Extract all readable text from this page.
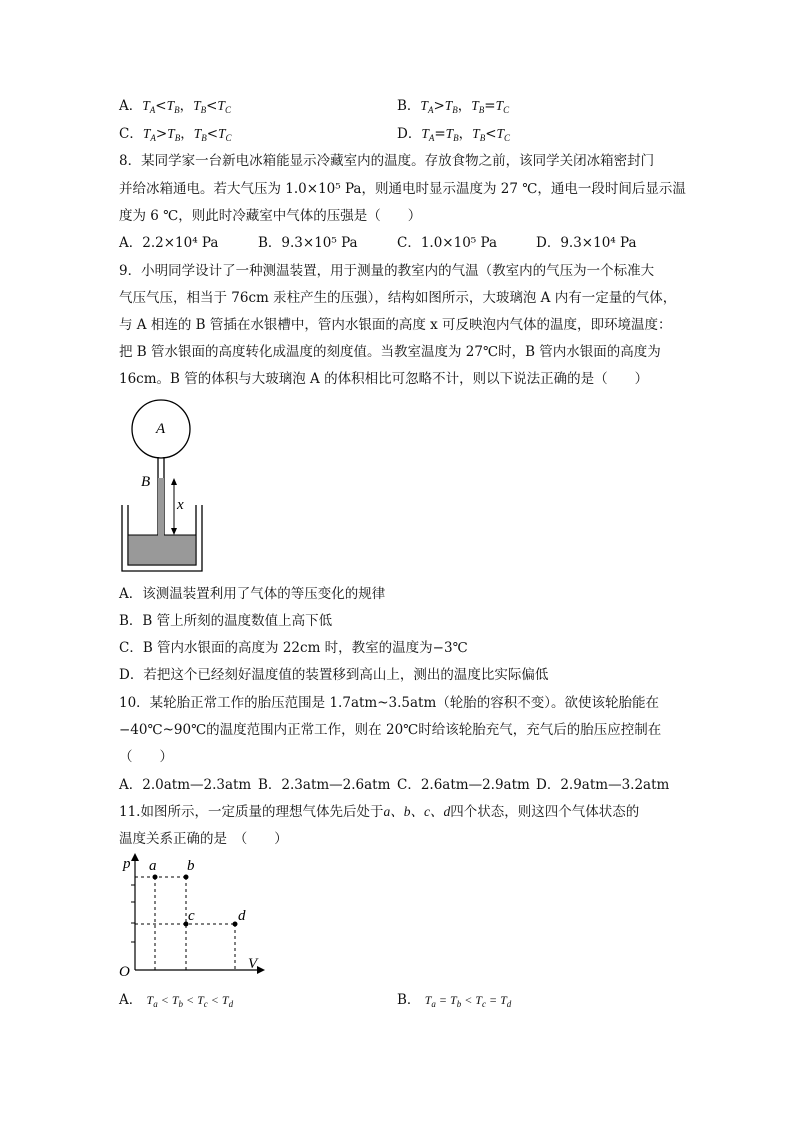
A．$T_A<T_B$，$T_B<T_C$	B．$T_A>T_B$，$T_B=T_C$
C．$T_A>T_B$，$T_B<T_C$	D．$T_A=T_B$，$T_B<T_C$
8．某同学家一台新电冰箱能显示冷藏室内的温度。存放食物之前，该同学关闭冰箱密封门
并给冰箱通电。若大气压为 1.0×10⁵ Pa，则通电时显示温度为 27 ℃，通电一段时间后显示温
度为 6 ℃，则此时冷藏室中气体的压强是（　　）
A．2.2×10⁴ Pa	B．9.3×10⁵ Pa	C．1.0×10⁵ Pa	D．9.3×10⁴ Pa
9．小明同学设计了一种测温装置，用于测量的教室内的气温（教室内的气压为一个标准大
气压气压，相当于 76cm 汞柱产生的压强），结构如图所示，大玻璃泡 A 内有一定量的气体，
与 A 相连的 B 管插在水银槽中，管内水银面的高度 x 可反映泡内气体的温度，即环境温度：
把 B 管水银面的高度转化成温度的刻度值。当教室温度为 27℃时，B 管内水银面的高度为
16cm。B 管的体积与大玻璃泡 A 的体积相比可忽略不计，则以下说法正确的是（　　）
A
B
x
A．该测温装置利用了气体的等压变化的规律
B．B 管上所刻的温度数值上高下低
C．B 管内水银面的高度为 22cm 时，教室的温度为−3℃
D．若把这个已经刻好温度值的装置移到高山上，测出的温度比实际偏低
10．某轮胎正常工作的胎压范围是 1.7atm~3.5atm（轮胎的容积不变）。欲使该轮胎能在
−40℃~90℃的温度范围内正常工作，则在 20℃时给该轮胎充气，充气后的胎压应控制在
（　　）
A．2.0atm—2.3atm B．2.3atm—2.6atm C．2.6atm—2.9atm D．2.9atm—3.2atm
11.如图所示，一定质量的理想气体先后处于a、b、c、d四个状态，则这四个气体状态的
温度关系正确的是　（　　）
p
V
O
a b
c	d
A． $T_a < T_b < T_c < T_d$	B． $T_a = T_b < T_c = T_d$
